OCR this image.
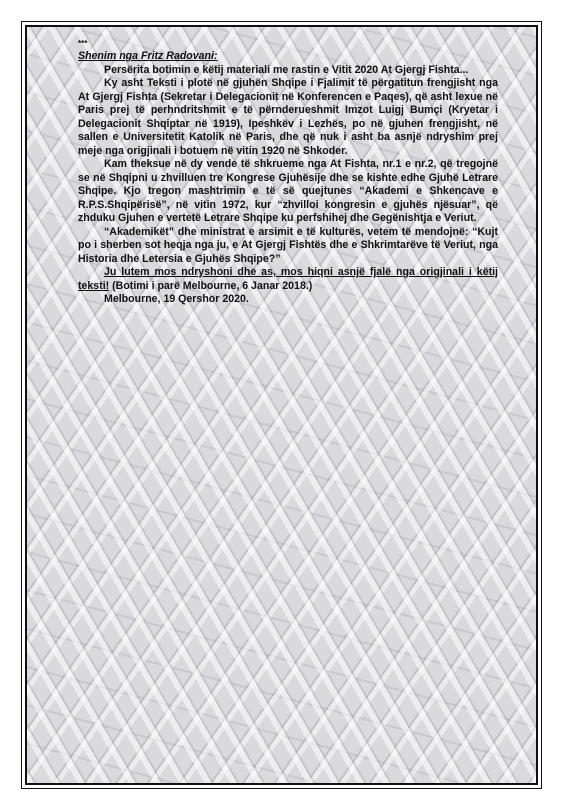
***

Shenim nga Fritz Radovani:

Persërita botimin e këtij materiali me rastin e Vitit 2020 At Gjergj Fishta...

Ky asht Teksti i plotë në gjuhën Shqipe i Fjalimit të përgatitun frengjisht nga At Gjergj Fishta (Sekretar i Delegacionit në Konferencen e Paqes), që asht lexue në Paris prej të perhndritshmit e të përnderueshmit Imzot Luigj Bumçi (Kryetar i Delegacionit Shqiptar në 1919), Ipeshkëv i Lezhës, po në gjuhen frengjisht, në sallen e Universitetit Katolik në Paris, dhe që nuk i asht ba asnjë ndryshim prej meje nga origjinali i botuem në vitin 1920 në Shkoder.

Kam theksue në dy vende të shkrueme nga At Fishta, nr.1 e nr.2, që tregojnë se në Shqipni u zhvilluen tre Kongrese Gjuhësije dhe se kishte edhe Gjuhë Letrare Shqipe. Kjo tregon mashtrimin e të së quejtunes “Akademi e Shkencave e R.P.S.Shqipërisë”, në vitin 1972, kur “zhvilloi kongresin e gjuhës njësuar”, që zhduku Gjuhen e vertetë Letrare Shqipe ku perfshihej dhe Gegënishtja e Veriut.

“Akademikët” dhe ministrat e arsimit e të kulturës, vetem të mendojnë: “Kujt po i sherben sot heqja nga ju, e At Gjergj Fishtës dhe e Shkrimtarëve të Veriut, nga Historia dhe Letersia e Gjuhës Shqipe?”

Ju lutem mos ndryshoni dhe as, mos hiqni asnjë fjalë nga origjinali i këtij teksti! (Botimi i parë Melbourne, 6 Janar 2018.)

Melbourne, 19 Qershor 2020.
